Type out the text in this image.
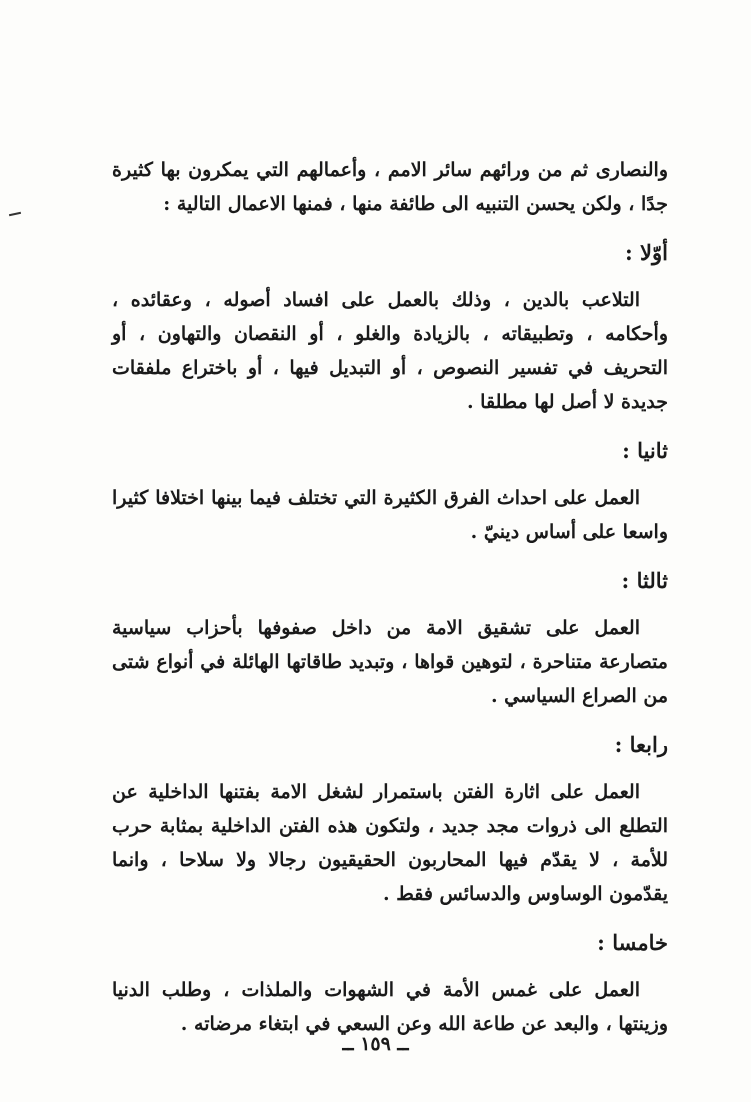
والنصارى ثم من ورائهم سائر الامم ، وأعمالهم التي يمكرون بها كثيرة جدًا ، ولكن يحسن التنبيه الى طائفة منها ، فمنها الاعمال التالية :

أوّلا :

التلاعب بالدين ، وذلك بالعمل على افساد أصوله ، وعقائده ، وأحكامه ، وتطبيقاته ، بالزيادة والغلو ، أو النقصان والتهاون ، أو التحريف في تفسير النصوص ، أو التبديل فيها ، أو باختراع ملفقات جديدة لا أصل لها مطلقا .

ثانيا :

العمل على احداث الفرق الكثيرة التي تختلف فيما بينها اختلافا كثيرا واسعا على أساس دينيّ .

ثالثا :

العمل على تشقيق الامة من داخل صفوفها بأحزاب سياسية متصارعة متناحرة ، لتوهين قواها ، وتبديد طاقاتها الهائلة في أنواع شتى من الصراع السياسي .

رابعا :

العمل على اثارة الفتن باستمرار لشغل الامة بفتنها الداخلية عن التطلع الى ذروات مجد جديد ، ولتكون هذه الفتن الداخلية بمثابة حرب للأمة ، لا يقدّم فيها المحاربون الحقيقيون رجالا ولا سلاحا ، وانما يقدّمون الوساوس والدسائس فقط .

خامسا :

العمل على غمس الأمة في الشهوات والملذات ، وطلب الدنيا وزينتها ، والبعد عن طاعة الله وعن السعي في ابتغاء مرضاته .

ــ ١٥٩ ــ
